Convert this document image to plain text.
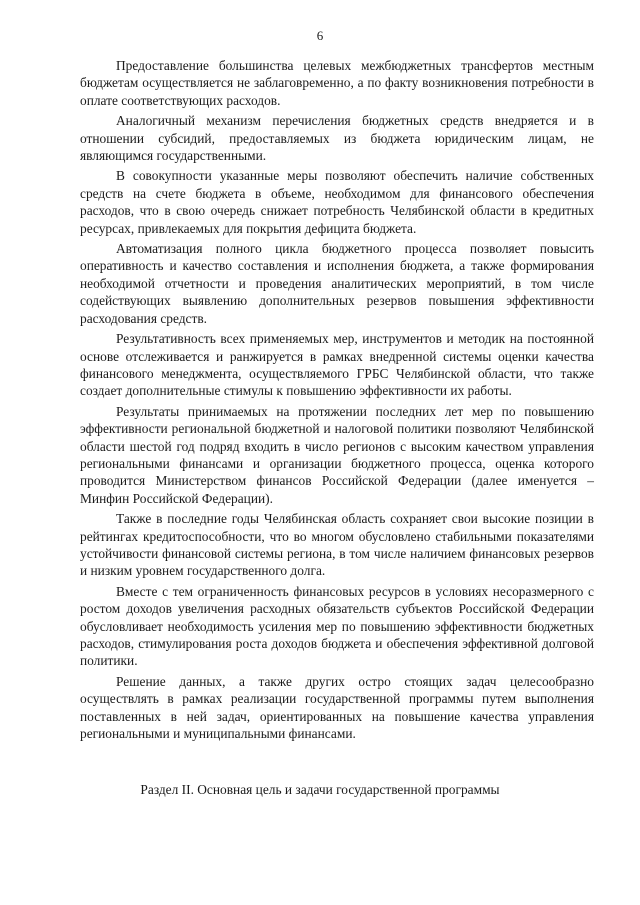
6

Предоставление большинства целевых межбюджетных трансфертов местным бюджетам осуществляется не заблаговременно, а по факту возникновения потребности в оплате соответствующих расходов.

Аналогичный механизм перечисления бюджетных средств внедряется и в отношении субсидий, предоставляемых из бюджета юридическим лицам, не являющимся государственными.

В совокупности указанные меры позволяют обеспечить наличие собственных средств на счете бюджета в объеме, необходимом для финансового обеспечения расходов, что в свою очередь снижает потребность Челябинской области в кредитных ресурсах, привлекаемых для покрытия дефицита бюджета.

Автоматизация полного цикла бюджетного процесса позволяет повысить оперативность и качество составления и исполнения бюджета, а также формирования необходимой отчетности и проведения аналитических мероприятий, в том числе содействующих выявлению дополнительных резервов повышения эффективности расходования средств.

Результативность всех применяемых мер, инструментов и методик на постоянной основе отслеживается и ранжируется в рамках внедренной системы оценки качества финансового менеджмента, осуществляемого ГРБС Челябинской области, что также создает дополнительные стимулы к повышению эффективности их работы.

Результаты принимаемых на протяжении последних лет мер по повышению эффективности региональной бюджетной и налоговой политики позволяют Челябинской области шестой год подряд входить в число регионов с высоким качеством управления региональными финансами и организации бюджетного процесса, оценка которого проводится Министерством финансов Российской Федерации (далее именуется – Минфин Российской Федерации).

Также в последние годы Челябинская область сохраняет свои высокие позиции в рейтингах кредитоспособности, что во многом обусловлено стабильными показателями устойчивости финансовой системы региона, в том числе наличием финансовых резервов и низким уровнем государственного долга.

Вместе с тем ограниченность финансовых ресурсов в условиях несоразмерного с ростом доходов увеличения расходных обязательств субъектов Российской Федерации обусловливает необходимость усиления мер по повышению эффективности бюджетных расходов, стимулирования роста доходов бюджета и обеспечения эффективной долговой политики.

Решение данных, а также других остро стоящих задач целесообразно осуществлять в рамках реализации государственной программы путем выполнения поставленных в ней задач, ориентированных на повышение качества управления региональными и муниципальными финансами.

Раздел II. Основная цель и задачи государственной программы
